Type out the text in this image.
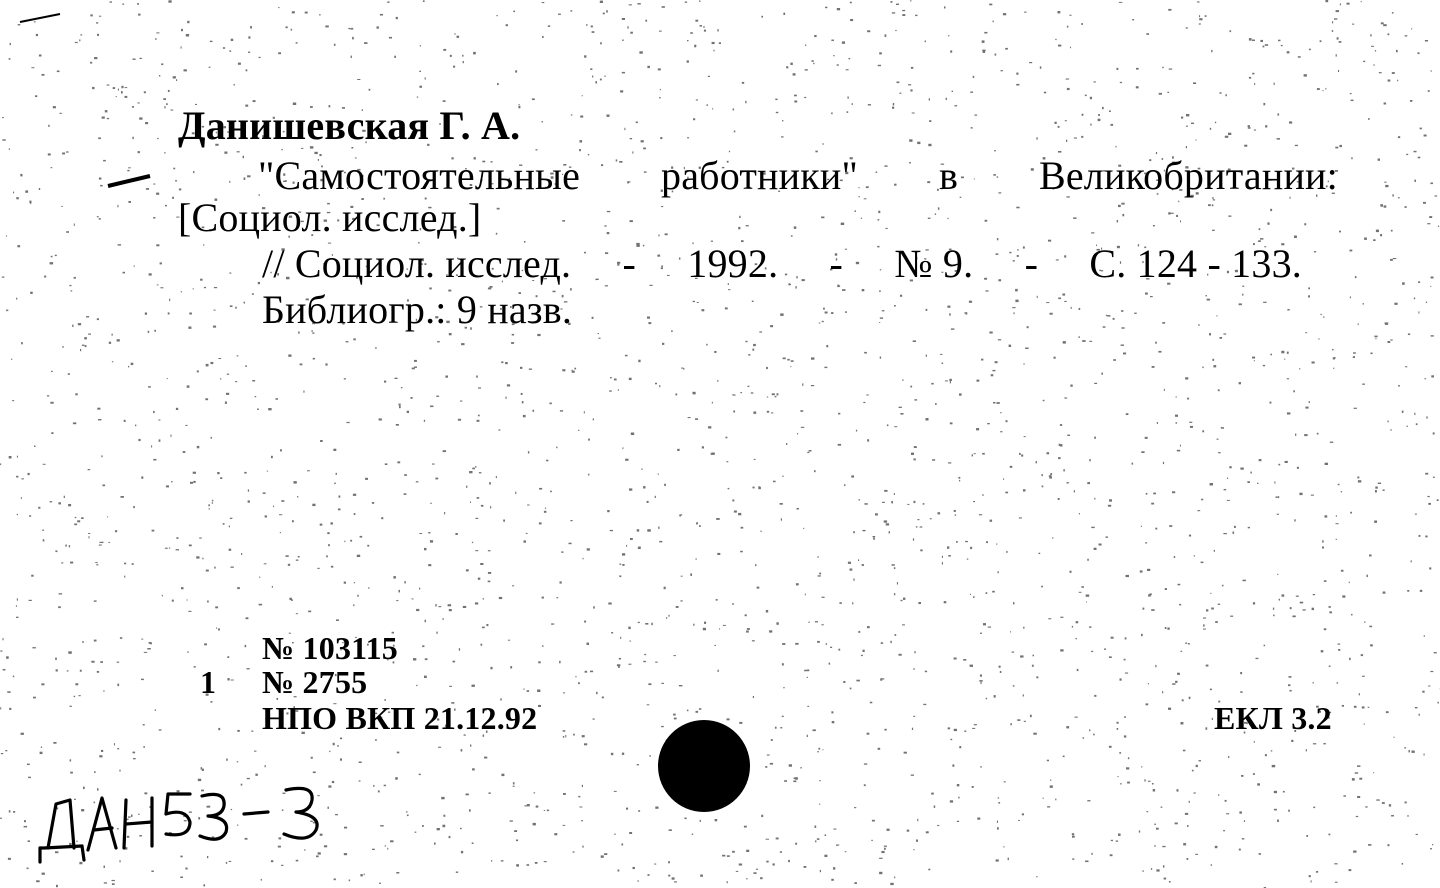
Данишевская Г. А.
"Самостоятельные работники" в Великобритании:
[Социол. исслед.]
// Социол. исслед. - 1992. - № 9. - С. 124 - 133.
Библиогр.: 9 назв.
№ 103115
1 № 2755
НПО ВКП 21.12.92	ЕКЛ 3.2
